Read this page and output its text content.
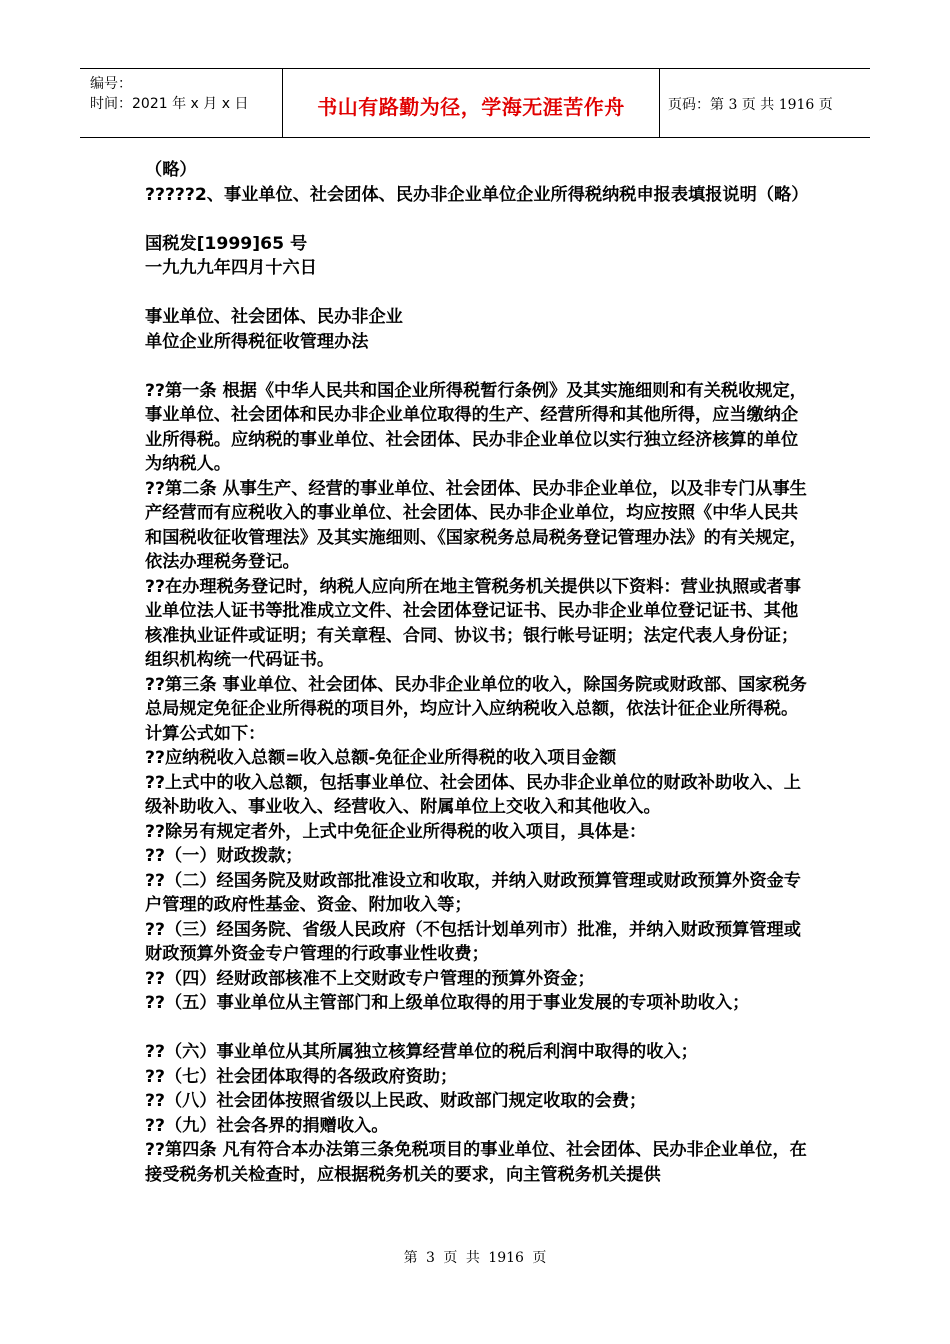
编号：
时间：2021 年 x 月 x 日	书山有路勤为径，学海无涯苦作舟	页码：第 3 页 共 1916 页

（略）

?????2、事业单位、社会团体、民办非企业单位企业所得税纳税申报表填报说明（略）

国税发[1999]65 号

一九九九年四月十六日

事业单位、社会团体、民办非企业

单位企业所得税征收管理办法

??第一条 根据《中华人民共和国企业所得税暂行条例》及其实施细则和有关税收规定，事业单位、社会团体和民办非企业单位取得的生产、经营所得和其他所得，应当缴纳企业所得税。应纳税的事业单位、社会团体、民办非企业单位以实行独立经济核算的单位为纳税人。

??第二条 从事生产、经营的事业单位、社会团体、民办非企业单位，以及非专门从事生产经营而有应税收入的事业单位、社会团体、民办非企业单位，均应按照《中华人民共和国税收征收管理法》及其实施细则、《国家税务总局税务登记管理办法》的有关规定，依法办理税务登记。

??在办理税务登记时，纳税人应向所在地主管税务机关提供以下资料：营业执照或者事业单位法人证书等批准成立文件、社会团体登记证书、民办非企业单位登记证书、其他核准执业证件或证明；有关章程、合同、协议书；银行帐号证明；法定代表人身份证；组织机构统一代码证书。

??第三条 事业单位、社会团体、民办非企业单位的收入，除国务院或财政部、国家税务总局规定免征企业所得税的项目外，均应计入应纳税收入总额，依法计征企业所得税。计算公式如下：

??应纳税收入总额=收入总额-免征企业所得税的收入项目金额

??上式中的收入总额，包括事业单位、社会团体、民办非企业单位的财政补助收入、上级补助收入、事业收入、经营收入、附属单位上交收入和其他收入。

??除另有规定者外，上式中免征企业所得税的收入项目，具体是：

??（一）财政拨款；

??（二）经国务院及财政部批准设立和收取，并纳入财政预算管理或财政预算外资金专户管理的政府性基金、资金、附加收入等；

??（三）经国务院、省级人民政府（不包括计划单列市）批准，并纳入财政预算管理或财政预算外资金专户管理的行政事业性收费；

??（四）经财政部核准不上交财政专户管理的预算外资金；

??（五）事业单位从主管部门和上级单位取得的用于事业发展的专项补助收入；

??（六）事业单位从其所属独立核算经营单位的税后利润中取得的收入；

??（七）社会团体取得的各级政府资助；

??（八）社会团体按照省级以上民政、财政部门规定收取的会费；

??（九）社会各界的捐赠收入。

??第四条 凡有符合本办法第三条免税项目的事业单位、社会团体、民办非企业单位，在接受税务机关检查时，应根据税务机关的要求，向主管税务机关提供

第 3 页 共 1916 页
